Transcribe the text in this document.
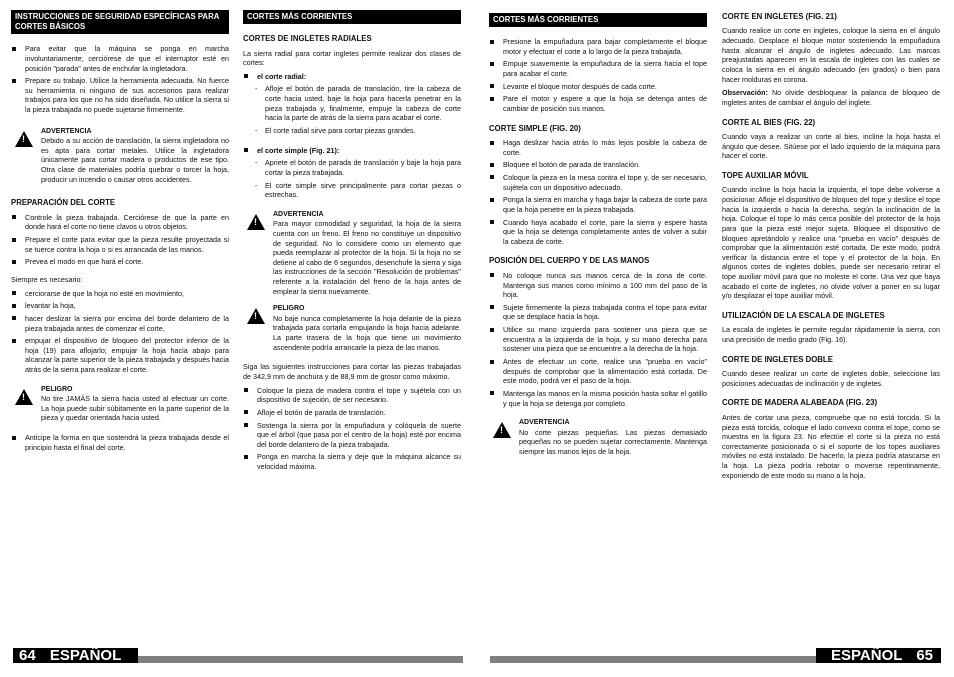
INSTRUCCIONES DE SEGURIDAD ESPECÍFICAS PARA CORTES BÁSICOS
Para evitar que la máquina se ponga en marcha involuntariamente, cerciórese de que el interruptor esté en posición "parada" antes de enchufar la ingletadora.
Prepare su trabajo. Utilice la herramienta adecuada. No fuerce su herramienta ni ninguno de sus accesorios para realizar trabajos para los que no ha sido diseñada. No utilice la sierra si la pieza trabajada no puede sujetarse firmemente.
!
ADVERTENCIA

Debido a su acción de translación, la sierra ingletadora no es apta para cortar metales. Utilice la ingletadora únicamente para cortar madera o productos de ese tipo. Otra clase de materiales podría quebrar o torcer la hoja, producir un incendio o causar otros accidentes.

PREPARACIÓN DEL CORTE
Controle la pieza trabajada. Cerciórese de que la parte en donde hará el corte no tiene clavos u otros objetos.
Prepare el corte para evitar que la pieza resulte proyectada si se tuerce contra la hoja o si es arrancada de las manos.
Prevea el modo en que hará el corte.

Siempre es necesario:

cerciorarse de que la hoja no esté en movimiento,
levantar la hoja,
hacer deslizar la sierra por encima del borde delantero de la pieza trabajada antes de comenzar el corte,
empujar el dispositivo de bloqueo del protector inferior de la hoja (19) para aflojarlo; empujar la hoja hacia abajo para alcanzar la parte superior de la pieza trabajada y después hacia atrás de la sierra para realizar el corte.
!
PELIGRO

No tire JAMÁS la sierra hacia usted al efectuar un corte. La hoja puede subir súbitamente en la parte superior de la pieza y quedar orientada hacia usted.

Anticipe la forma en que sostendrá la pieza trabajada desde el principio hasta el final del corte.
CORTES MÁS CORRIENTES
CORTES DE INGLETES RADIALES

La sierra radial para cortar ingletes permite realizar dos clases de cortes:

el corte radial:
- Afloje el botón de parada de translación, tire la cabeza de corte hacia usted, baje la hoja para hacerla penetrar en la pieza trabajada y, finalmente, empuje la cabeza de corte hacia la parte de atrás de la sierra para acabar el corte.
- El corte radial sirve para cortar piezas grandes.
el corte simple (Fig. 21):
- Apriete el botón de parada de translación y baje la hoja para cortar la pieza trabajada.
- El corte simple sirve principalmente para cortar piezas o estrechas.
!
ADVERTENCIA

Para mayor comodidad y seguridad, la hoja de la sierra cuenta con un freno. El freno no constituye un dispositivo de seguridad. No lo considere como un elemento que pueda reemplazar al protector de la hoja. Si la hoja no se detiene al cabo de 6 segundos, desenchufe la sierra y siga las instrucciones de la sección "Resolución de problemas" referente a la instalación del freno de la hoja antes de emplear la sierra nuevamente.

!
PELIGRO

No baje nunca completamente la hoja delante de la pieza trabajada para cortarla empujando la hoja hacia adelante. La parte trasera de la hoja que tiene un movimiento ascendente podría arrancarle la pieza de las manos.

Siga las siguientes instrucciones para cortar las piezas trabajadas de 342,9 mm de anchura y de 88,9 mm de grosor como máximo.

Coloque la pieza de madera contra el tope y sujétela con un dispositivo de sujeción, de ser necesario.
Afloje el botón de parada de translación.
Sostenga la sierra por la empuñadura y colóquela de suerte que el árbol (que pasa por el centro de la hoja) esté por encima del borde delantero de la pieza trabajada.
Ponga en marcha la sierra y deje que la máquina alcance su velocidad máxima.
CORTES MÁS CORRIENTES
Presione la empuñadura para bajar completamente el bloque motor y efectuar el corte a lo largo de la pieza trabajada.
Empuje suavemente la empuñadura de la sierra hacia el tope para acabar el corte.
Levante el bloque motor después de cada corte.
Pare el motor y espere a que la hoja se detenga antes de cambiar de posición sus manos.
CORTE SIMPLE (FIG. 20)
Haga deslizar hacia atrás lo más lejos posible la cabeza de corte.
Bloquee el botón de parada de translación.
Coloque la pieza en la mesa contra el tope y, de ser necesario, sujétela con un dispositivo adecuado.
Ponga la sierra en marcha y haga bajar la cabeza de corte para que la hoja penetre en la pieza trabajada.
Cuando haya acabado el corte, pare la sierra y espere hasta que la hoja se detenga completamente antes de volver a subir la cabeza de corte.
POSICIÓN DEL CUERPO Y DE LAS MANOS
No coloque nunca sus manos cerca de la zona de corte. Mantenga sus manos como mínimo a 100 mm del paso de la hoja.
Sujete firmemente la pieza trabajada contra el tope para evitar que se desplace hacia la hoja.
Utilice su mano izquierda para sostener una pieza que se encuentra a la izquierda de la hoja, y su mano derecha para sostener una pieza que se encuentre a la derecha de la hoja.
Antes de efectuar un corte, realice una "prueba en vacío" después de comprobar que la alimentación está cortada. De este modo, podrá ver el paso de la hoja.
Mantenga las manos en la misma posición hasta soltar el gatillo y que la hoja se detenga por completo.
!
ADVERTENCIA

No corte piezas pequeñas. Las piezas demasiado pequeñas no se pueden sujetar correctamente. Mantenga siempre las manos lejos de la hoja.

CORTE EN INGLETES (FIG. 21)

Cuando realice un corte en ingletes, coloque la sierra en el ángulo adecuado. Desplace el bloque motor sosteniendo la empuñadura hasta alcanzar el ángulo de ingletes adecuado. Las marcas preajustadas aparecen en la escala de ingletes con las cuales se coloca la sierra en el ángulo adecuado (en grados) o bien para hacer molduras en corona.

Observación: No olvide desbloquear la palanca de bloqueo de ingletes antes de cambiar el ángulo del inglete.

CORTE AL BIES (FIG. 22)

Cuando vaya a realizar un corte al bies, incline la hoja hasta el ángulo que desee. Sitúese por el lado izquierdo de la máquina para hacer el corte.

TOPE AUXILIAR MÓVIL

Cuando incline la hoja hacia la izquierda, el tope debe volverse a posicionar. Afloje el dispositivo de bloqueo del tope y deslice el tope hacia la izquierda o hacia la derecha, según la inclinación de la hoja. Coloque el tope lo más cerca posible del protector de la hoja para que la pieza esté mejor sujeta. Bloquee el dispositivo de bloqueo apretándolo y realice una "prueba en vacío" después de comprobar que la alimentación esté cortada. De este modo, podrá verificar la distancia entre el tope y el protector de la hoja. En algunos cortes de ingletes dobles, puede ser necesario retirar el tope auxiliar móvil para que no moleste el corte. Una vez que haya acabado el corte de ingletes, no olvide volver a poner en su lugar y/o desplazar el tope auxiliar móvil.

UTILIZACIÓN DE LA ESCALA DE INGLETES

La escala de ingletes le permite regular rápidamente la sierra, con una precisión de medio grado (Fig. 16).

CORTE DE INGLETES DOBLE

Cuando desee realizar un corte de ingletes doble, seleccione las posiciones adecuadas de inclinación y de ingletes.

CORTE DE MADERA ALABEADA (FIG. 23)

Antes de cortar una pieza, compruebe que no está torcida. Si la pieza está torcida, coloque el lado convexo contra el tope, como se muestra en la figura 23. No efectúe el corte si la pieza no está correctamente posicionada o si el soporte de los topes auxiliares móviles no está instalado. De hacerlo, la pieza podría atascarse en la hoja. La pieza podría rebotar o moverse repentinamente, exponiendo de este modo su mano a la hoja.

64 ESPAÑOL	ESPAÑOL 65
